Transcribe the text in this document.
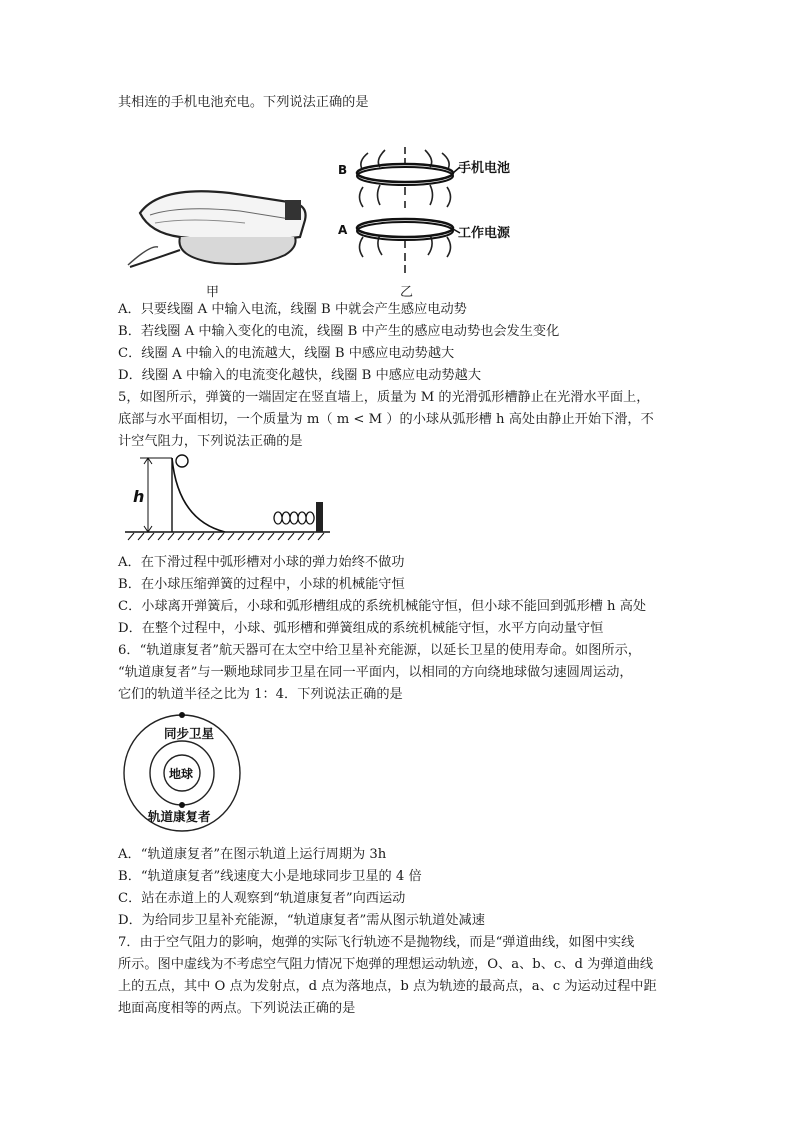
其相连的手机电池充电。下列说法正确的是
甲
B
A
手机电池
工作电源
乙
A．只要线圈 A 中输入电流，线圈 B 中就会产生感应电动势
B．若线圈 A 中输入变化的电流，线圈 B 中产生的感应电动势也会发生变化
C．线圈 A 中输入的电流越大，线圈 B 中感应电动势越大
D．线圈 A 中输入的电流变化越快，线圈 B 中感应电动势越大
5，如图所示，弹簧的一端固定在竖直墙上，质量为 M 的光滑弧形槽静止在光滑水平面上，
底部与水平面相切，一个质量为 m（ m < M ）的小球从弧形槽 h 高处由静止开始下滑，不
计空气阻力，下列说法正确的是
h
A．在下滑过程中弧形槽对小球的弹力始终不做功
B．在小球压缩弹簧的过程中，小球的机械能守恒
C．小球离开弹簧后，小球和弧形槽组成的系统机械能守恒，但小球不能回到弧形槽 h 高处
D．在整个过程中，小球、弧形槽和弹簧组成的系统机械能守恒，水平方向动量守恒
6．“轨道康复者”航天器可在太空中给卫星补充能源，以延长卫星的使用寿命。如图所示，
“轨道康复者”与一颗地球同步卫星在同一平面内，以相同的方向绕地球做匀速圆周运动，
它们的轨道半径之比为 1：4．下列说法正确的是
同步卫星
地球
轨道康复者
A．“轨道康复者”在图示轨道上运行周期为 3h
B．“轨道康复者”线速度大小是地球同步卫星的 4 倍
C．站在赤道上的人观察到“轨道康复者”向西运动
D．为给同步卫星补充能源，“轨道康复者”需从图示轨道处减速
7．由于空气阻力的影响，炮弹的实际飞行轨迹不是抛物线，而是“弹道曲线，如图中实线
所示。图中虚线为不考虑空气阻力情况下炮弹的理想运动轨迹，O、a、b、c、d 为弹道曲线
上的五点，其中 O 点为发射点，d 点为落地点，b 点为轨迹的最高点，a、c 为运动过程中距
地面高度相等的两点。下列说法正确的是
